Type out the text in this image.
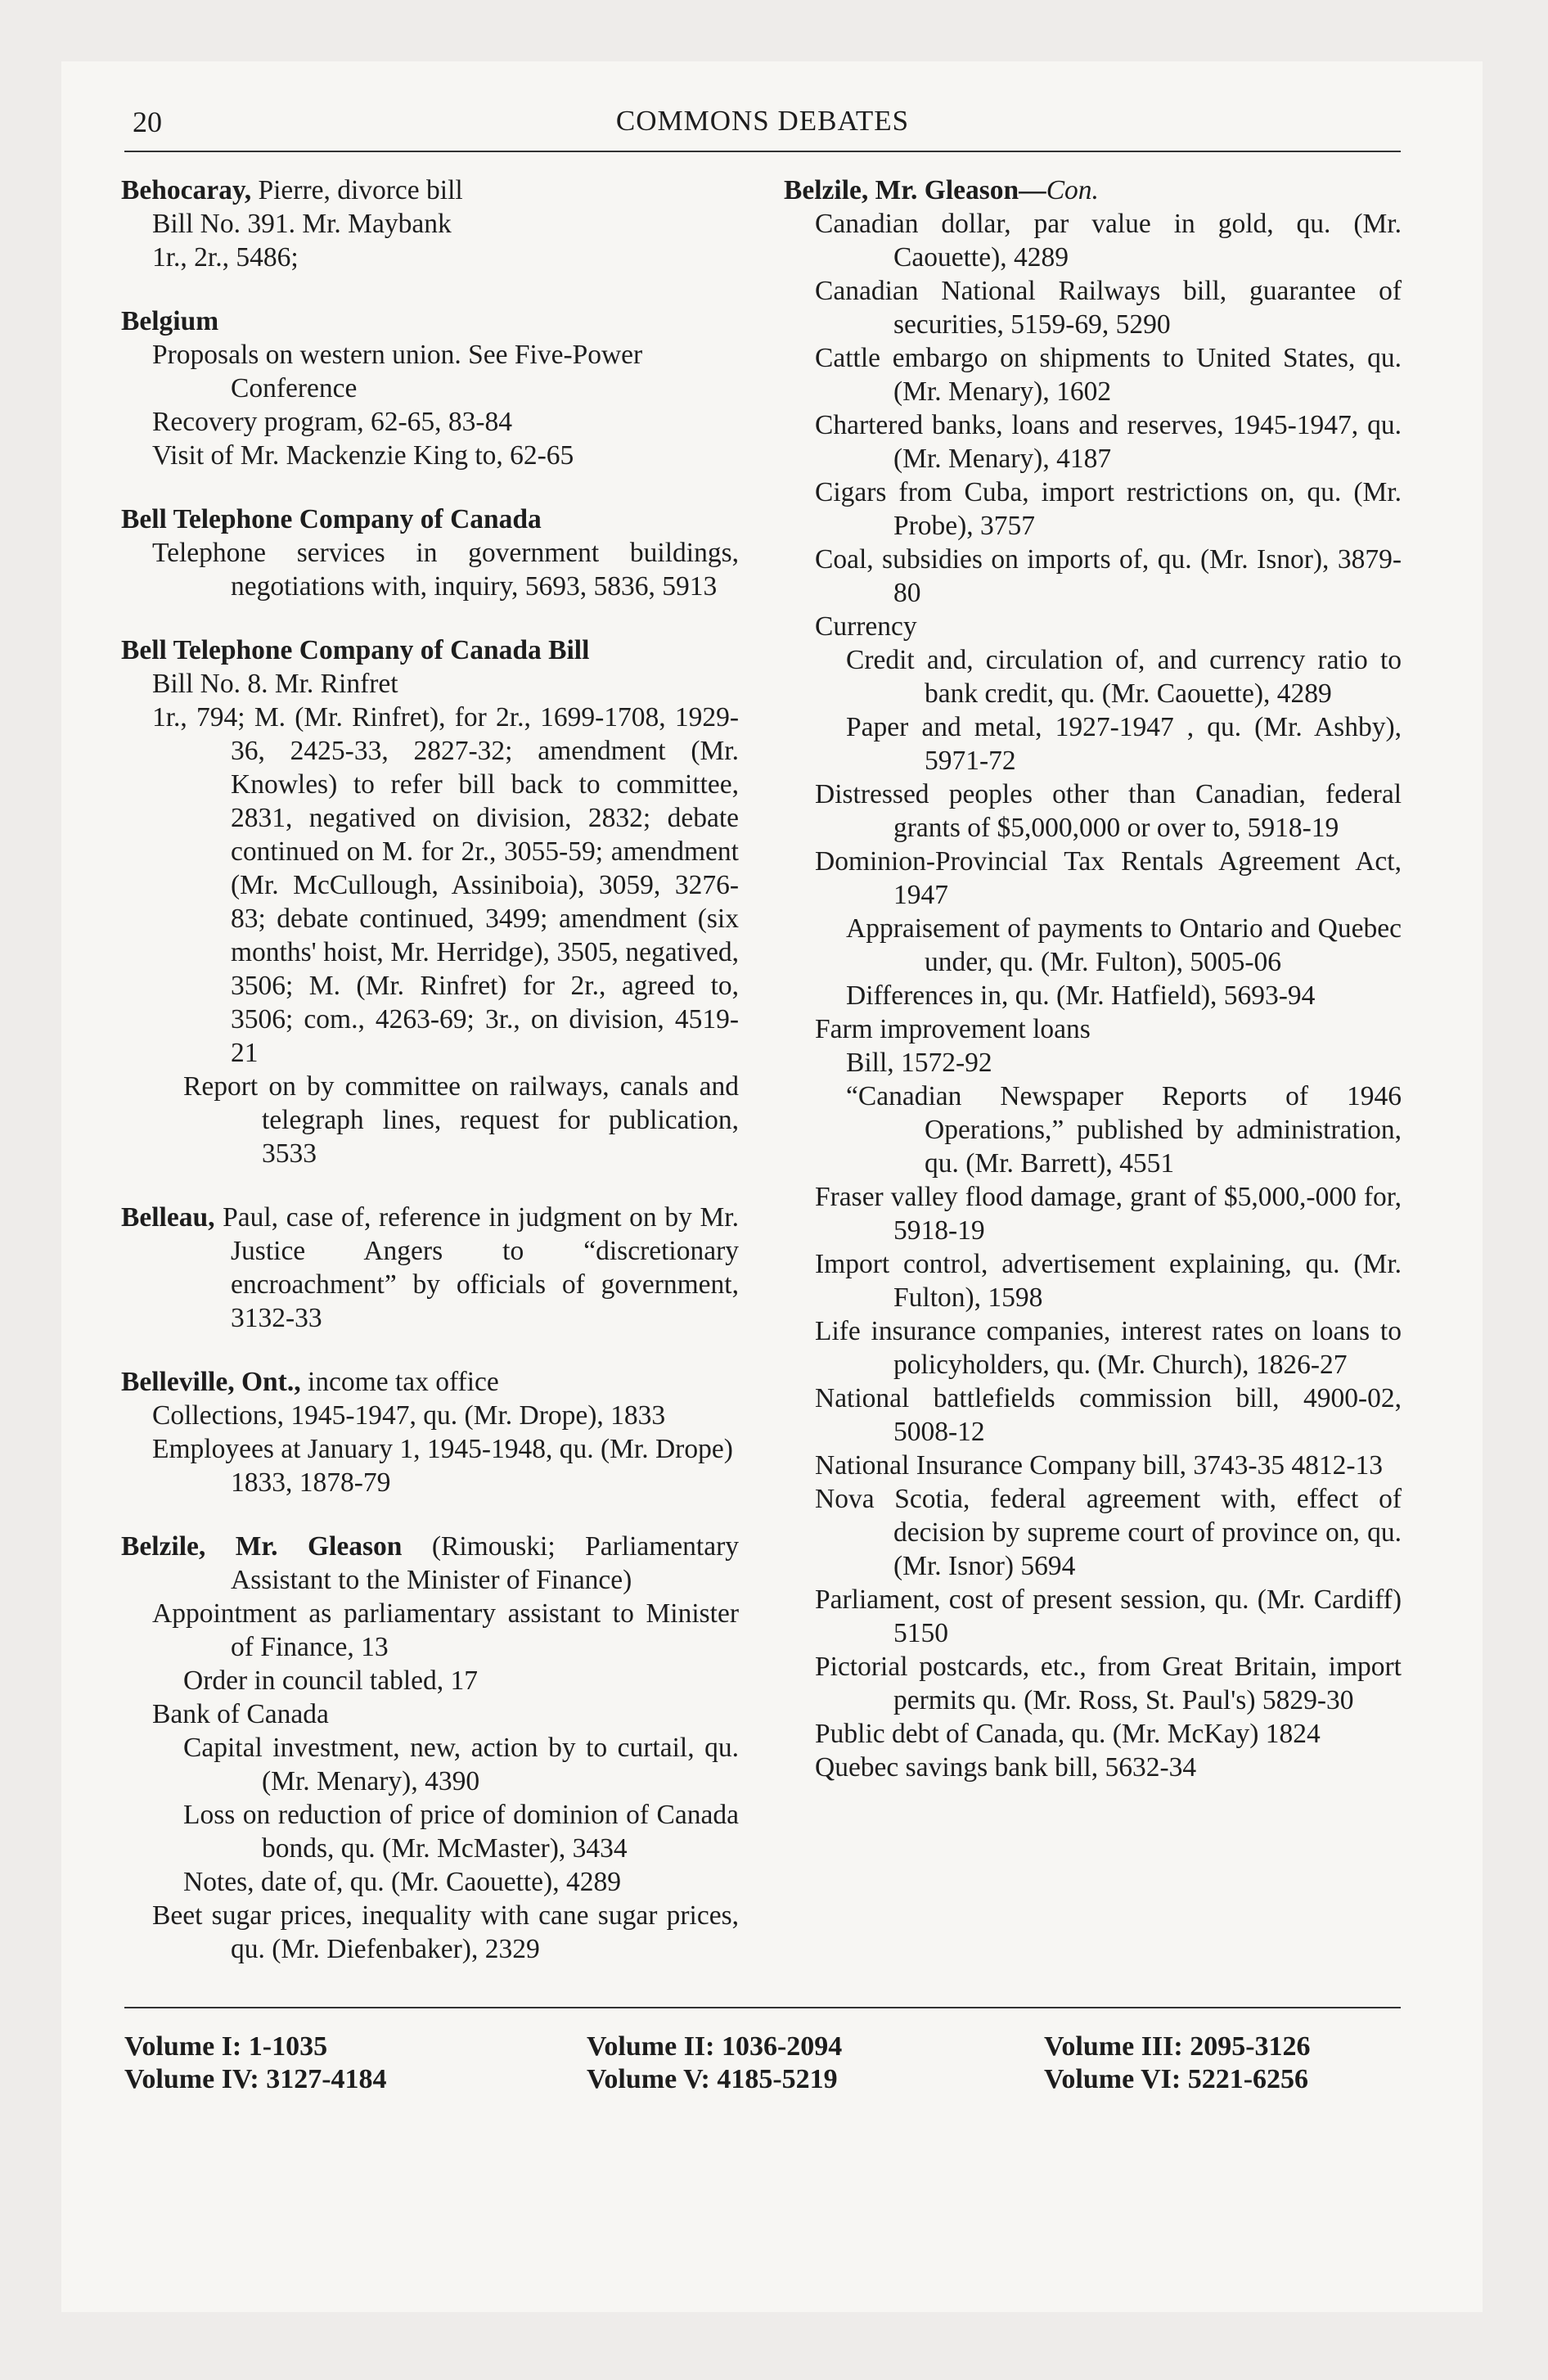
20	COMMONS DEBATES

Behocaray, Pierre, divorce bill

Bill No. 391. Mr. Maybank

1r., 2r., 5486;

Belgium

Proposals on western union. See Five-Power Conference

Recovery program, 62-65, 83-84

Visit of Mr. Mackenzie King to, 62-65

Bell Telephone Company of Canada

Telephone services in government buildings, negotiations with, inquiry, 5693, 5836, 5913

Bell Telephone Company of Canada Bill

Bill No. 8. Mr. Rinfret

1r., 794; M. (Mr. Rinfret), for 2r., 1699-1708, 1929-36, 2425-33, 2827-32; amendment (Mr. Knowles) to refer bill back to committee, 2831, negatived on division, 2832; debate continued on M. for 2r., 3055-59; amendment (Mr. McCullough, Assiniboia), 3059, 3276-83; debate continued, 3499; amendment (six months' hoist, Mr. Herridge), 3505, negatived, 3506; M. (Mr. Rinfret) for 2r., agreed to, 3506; com., 4263-69; 3r., on division, 4519-21

Report on by committee on railways, canals and telegraph lines, request for publication, 3533

Belleau, Paul, case of, reference in judgment on by Mr. Justice Angers to “discretionary encroachment” by officials of government, 3132-33

Belleville, Ont., income tax office

Collections, 1945-1947, qu. (Mr. Drope), 1833

Employees at January 1, 1945-1948, qu. (Mr. Drope) 1833, 1878-79

Belzile, Mr. Gleason (Rimouski; Parliamentary Assistant to the Minister of Finance)

Appointment as parliamentary assistant to Minister of Finance, 13

Order in council tabled, 17

Bank of Canada

Capital investment, new, action by to curtail, qu. (Mr. Menary), 4390

Loss on reduction of price of dominion of Canada bonds, qu. (Mr. McMaster), 3434

Notes, date of, qu. (Mr. Caouette), 4289

Beet sugar prices, inequality with cane sugar prices, qu. (Mr. Diefenbaker), 2329

Belzile, Mr. Gleason—Con.

Canadian dollar, par value in gold, qu. (Mr. Caouette), 4289

Canadian National Railways bill, guarantee of securities, 5159-69, 5290

Cattle embargo on shipments to United States, qu. (Mr. Menary), 1602

Chartered banks, loans and reserves, 1945-1947, qu. (Mr. Menary), 4187

Cigars from Cuba, import restrictions on, qu. (Mr. Probe), 3757

Coal, subsidies on imports of, qu. (Mr. Isnor), 3879-80

Currency

Credit and, circulation of, and currency ratio to bank credit, qu. (Mr. Caouette), 4289

Paper and metal, 1927-1947 , qu. (Mr. Ashby), 5971-72

Distressed peoples other than Canadian, federal grants of $5,000,000 or over to, 5918-19

Dominion-Provincial Tax Rentals Agreement Act, 1947

Appraisement of payments to Ontario and Quebec under, qu. (Mr. Fulton), 5005-06

Differences in, qu. (Mr. Hatfield), 5693-94

Farm improvement loans

Bill, 1572-92

“Canadian Newspaper Reports of 1946 Operations,” published by administration, qu. (Mr. Barrett), 4551

Fraser valley flood damage, grant of $5,000,-000 for, 5918-19

Import control, advertisement explaining, qu. (Mr. Fulton), 1598

Life insurance companies, interest rates on loans to policyholders, qu. (Mr. Church), 1826-27

National battlefields commission bill, 4900-02, 5008-12

National Insurance Company bill, 3743-35 4812-13

Nova Scotia, federal agreement with, effect of decision by supreme court of province on, qu. (Mr. Isnor) 5694

Parliament, cost of present session, qu. (Mr. Cardiff) 5150

Pictorial postcards, etc., from Great Britain, import permits qu. (Mr. Ross, St. Paul's) 5829-30

Public debt of Canada, qu. (Mr. McKay) 1824

Quebec savings bank bill, 5632-34

Volume I: 1-1035	Volume II: 1036-2094	Volume III: 2095-3126
Volume IV: 3127-4184	Volume V: 4185-5219	Volume VI: 5221-6256
